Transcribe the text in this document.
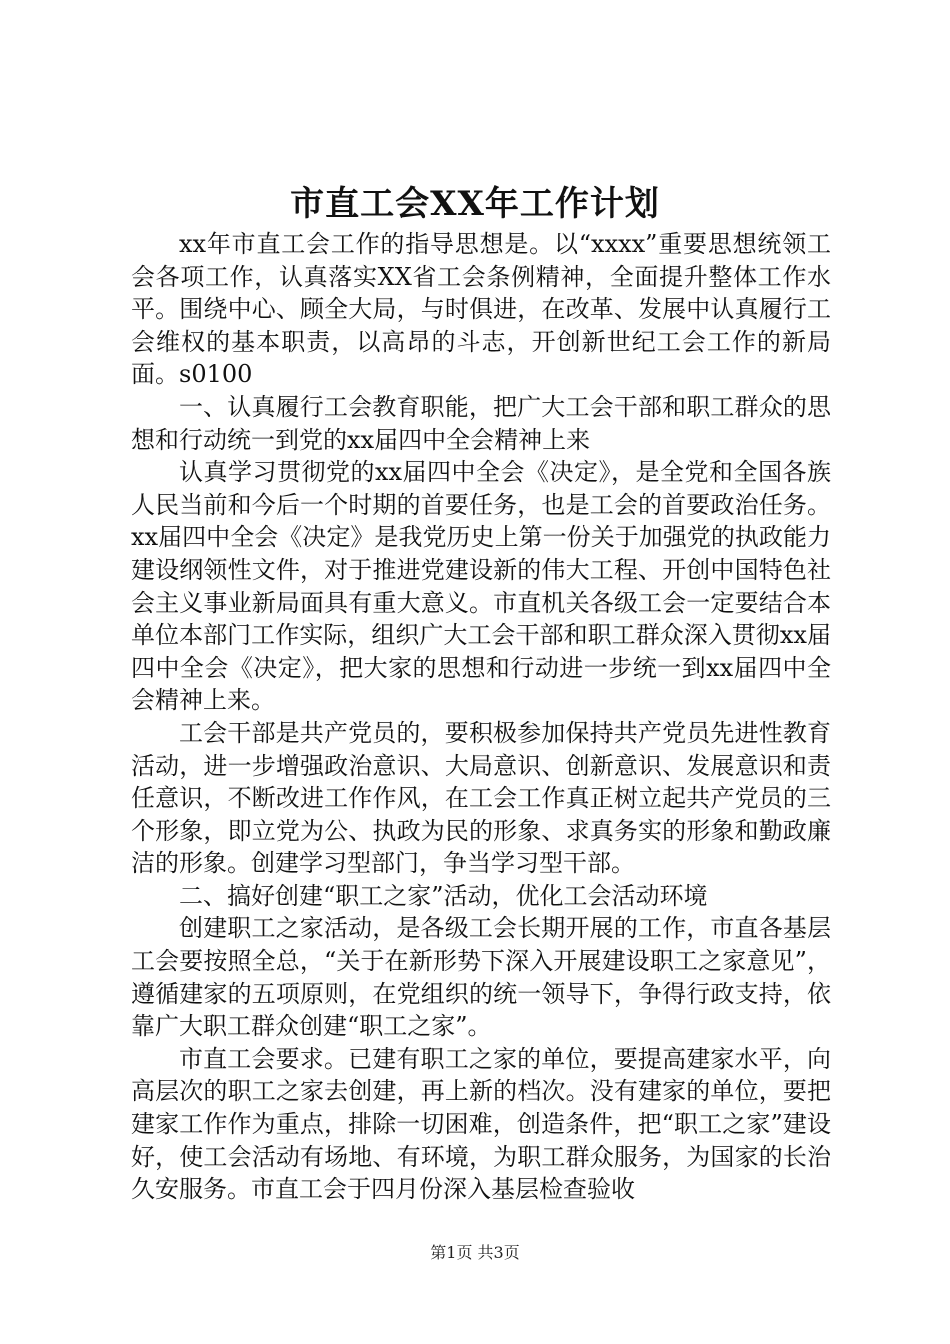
市直工会XX年工作计划

xx年市直工会工作的指导思想是。以“xxxx”重要思想统领工会各项工作，认真落实XX省工会条例精神，全面提升整体工作水平。围绕中心、顾全大局，与时俱进，在改革、发展中认真履行工会维权的基本职责，以高昂的斗志，开创新世纪工会工作的新局面。s0100

一、认真履行工会教育职能，把广大工会干部和职工群众的思想和行动统一到党的xx届四中全会精神上来

认真学习贯彻党的xx届四中全会《决定》，是全党和全国各族人民当前和今后一个时期的首要任务，也是工会的首要政治任务。xx届四中全会《决定》是我党历史上第一份关于加强党的执政能力建设纲领性文件，对于推进党建设新的伟大工程、开创中国特色社会主义事业新局面具有重大意义。市直机关各级工会一定要结合本单位本部门工作实际，组织广大工会干部和职工群众深入贯彻xx届四中全会《决定》，把大家的思想和行动进一步统一到xx届四中全会精神上来。

工会干部是共产党员的，要积极参加保持共产党员先进性教育活动，进一步增强政治意识、大局意识、创新意识、发展意识和责任意识，不断改进工作作风，在工会工作真正树立起共产党员的三个形象，即立党为公、执政为民的形象、求真务实的形象和勤政廉洁的形象。创建学习型部门，争当学习型干部。

二、搞好创建“职工之家”活动，优化工会活动环境

创建职工之家活动，是各级工会长期开展的工作，市直各基层工会要按照全总，“关于在新形势下深入开展建设职工之家意见”，遵循建家的五项原则，在党组织的统一领导下，争得行政支持，依靠广大职工群众创建“职工之家”。

市直工会要求。已建有职工之家的单位，要提高建家水平，向高层次的职工之家去创建，再上新的档次。没有建家的单位，要把建家工作作为重点，排除一切困难，创造条件，把“职工之家”建设好，使工会活动有场地、有环境，为职工群众服务，为国家的长治久安服务。市直工会于四月份深入基层检查验收

第1页 共3页
